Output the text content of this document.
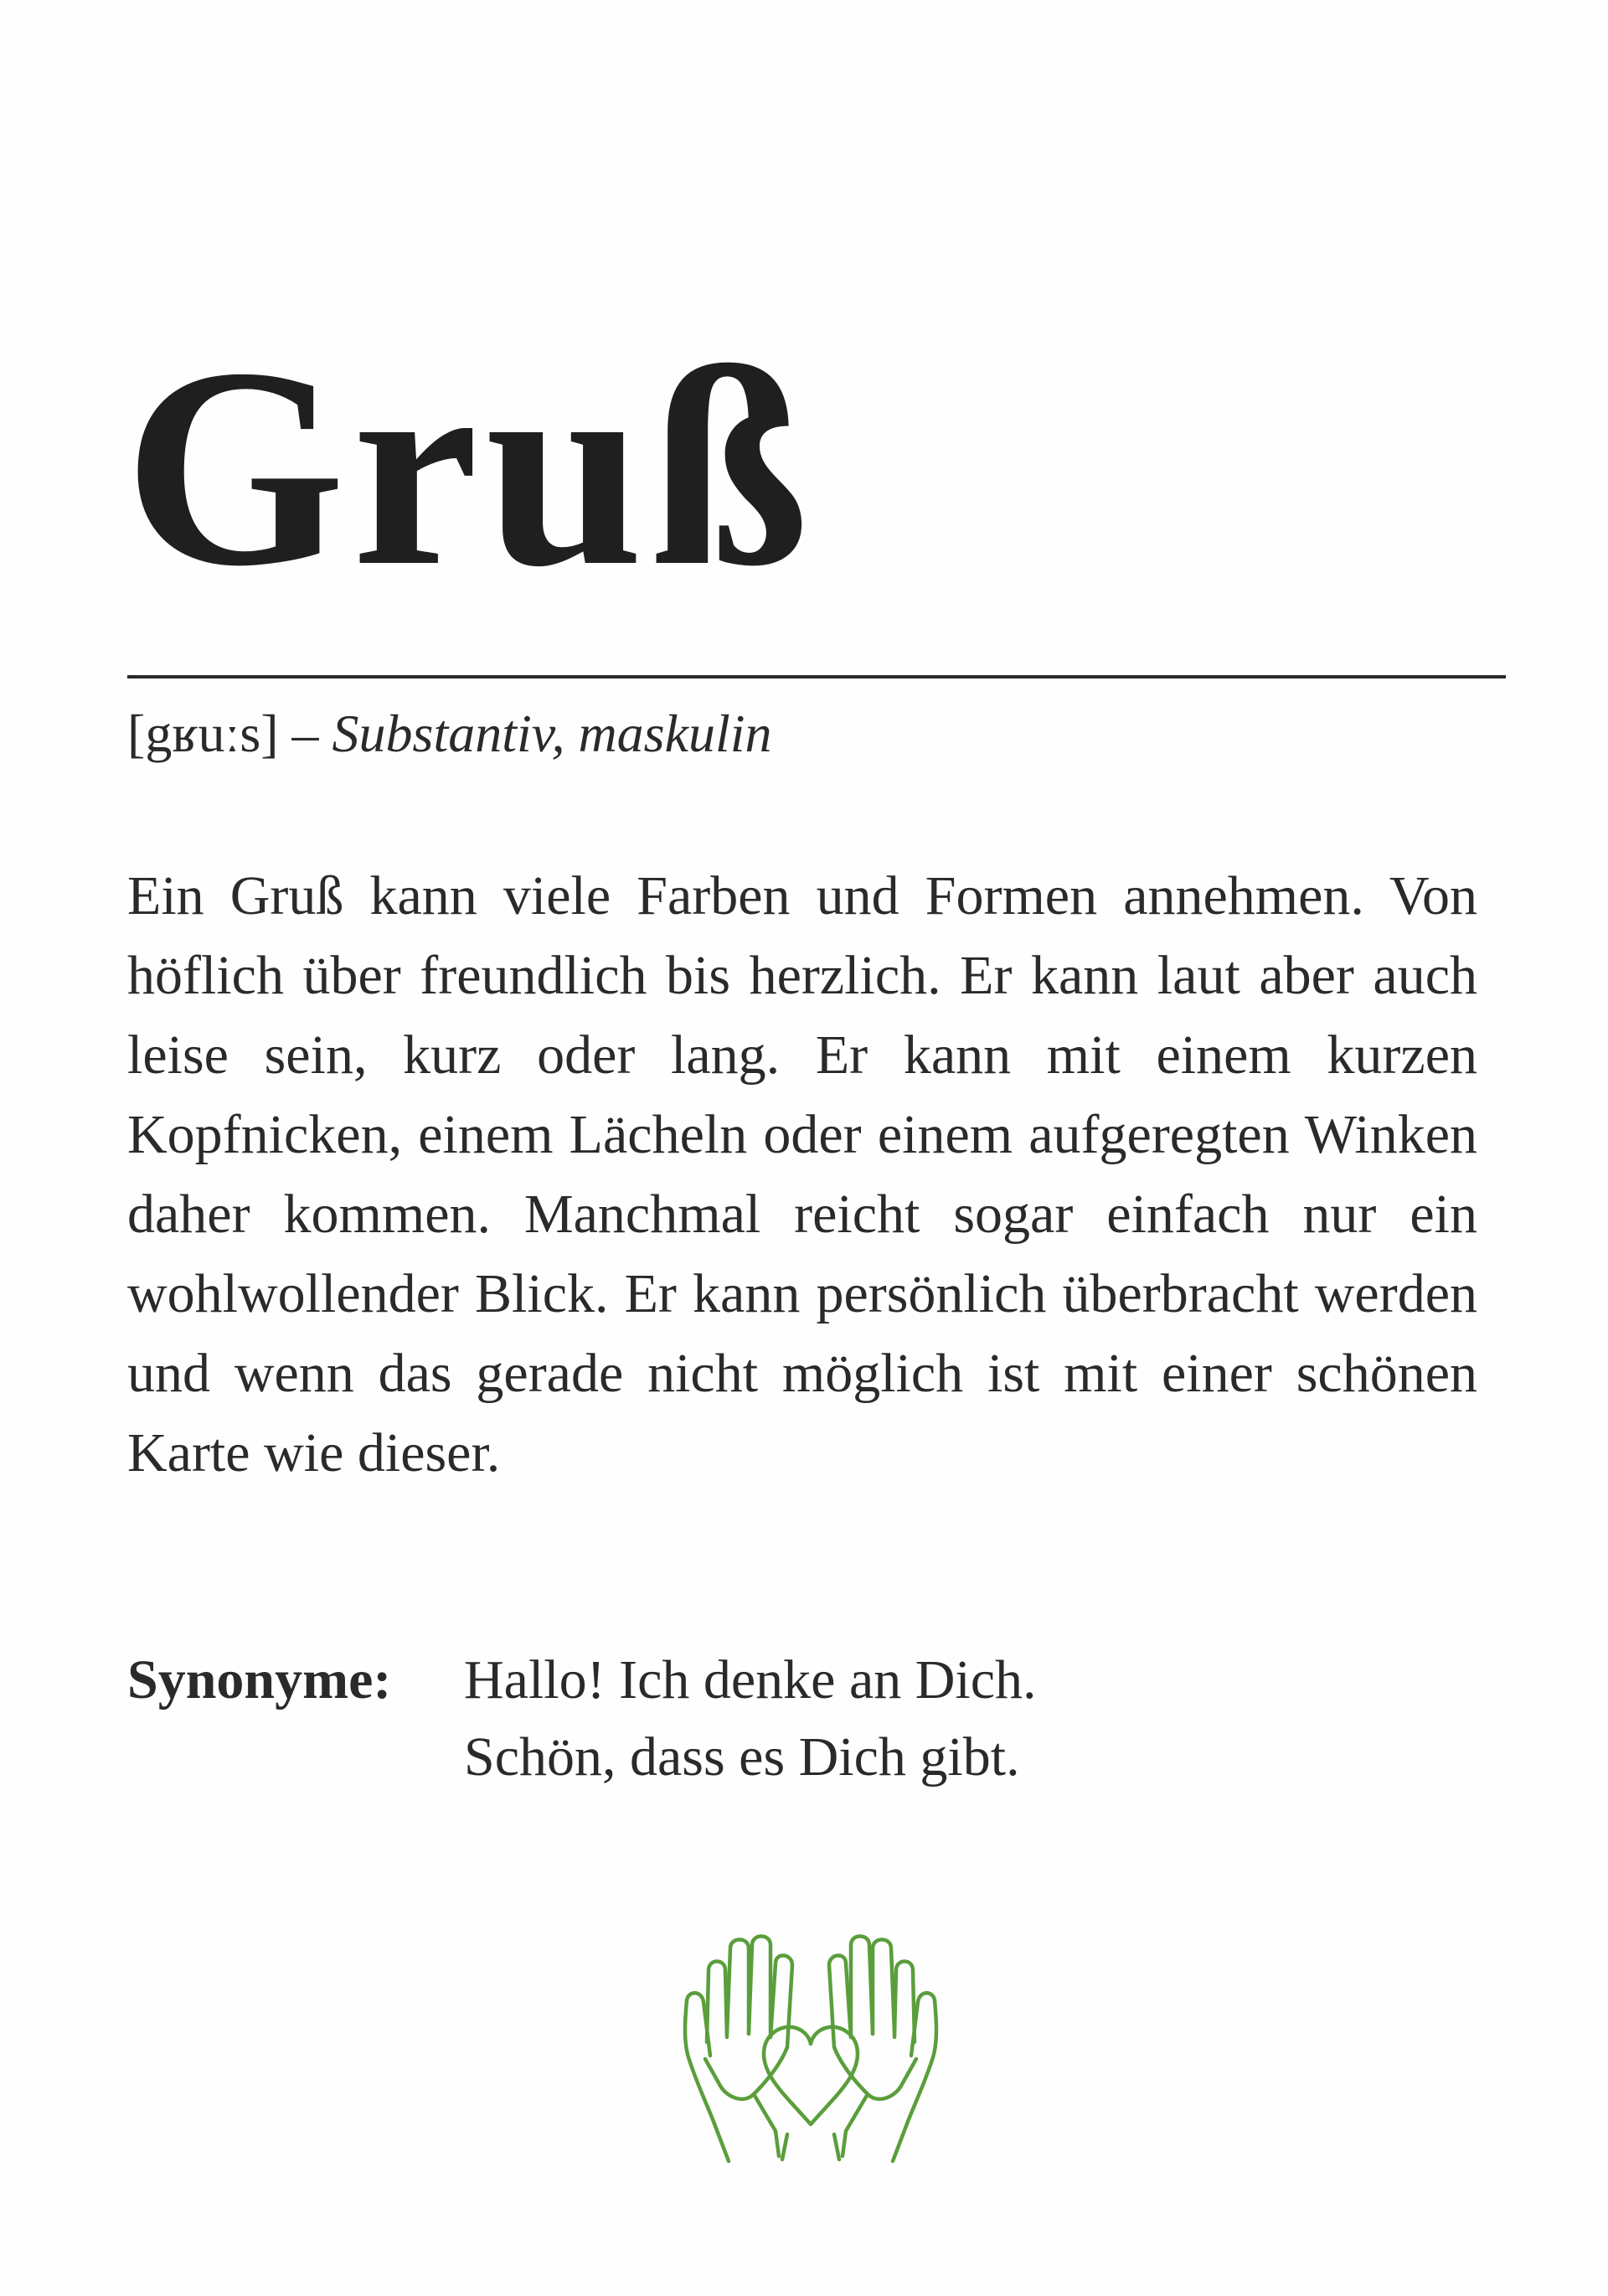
Gruß
[gʁuːs] – Substantiv, maskulin

Ein Gruß kann viele Farben und Formen annehmen. Von höflich über freundlich bis herzlich. Er kann laut aber auch leise sein, kurz oder lang. Er kann mit einem kurzen Kopfnicken, einem Lächeln oder einem aufgeregten Winken daher kommen. Manchmal reicht sogar einfach nur ein wohlwollender Blick. Er kann persönlich überbracht werden und wenn das gerade nicht möglich ist mit einer schönen Karte wie dieser.

Synonyme:	Hallo! Ich denke an Dich.
Schön, dass es Dich gibt.
